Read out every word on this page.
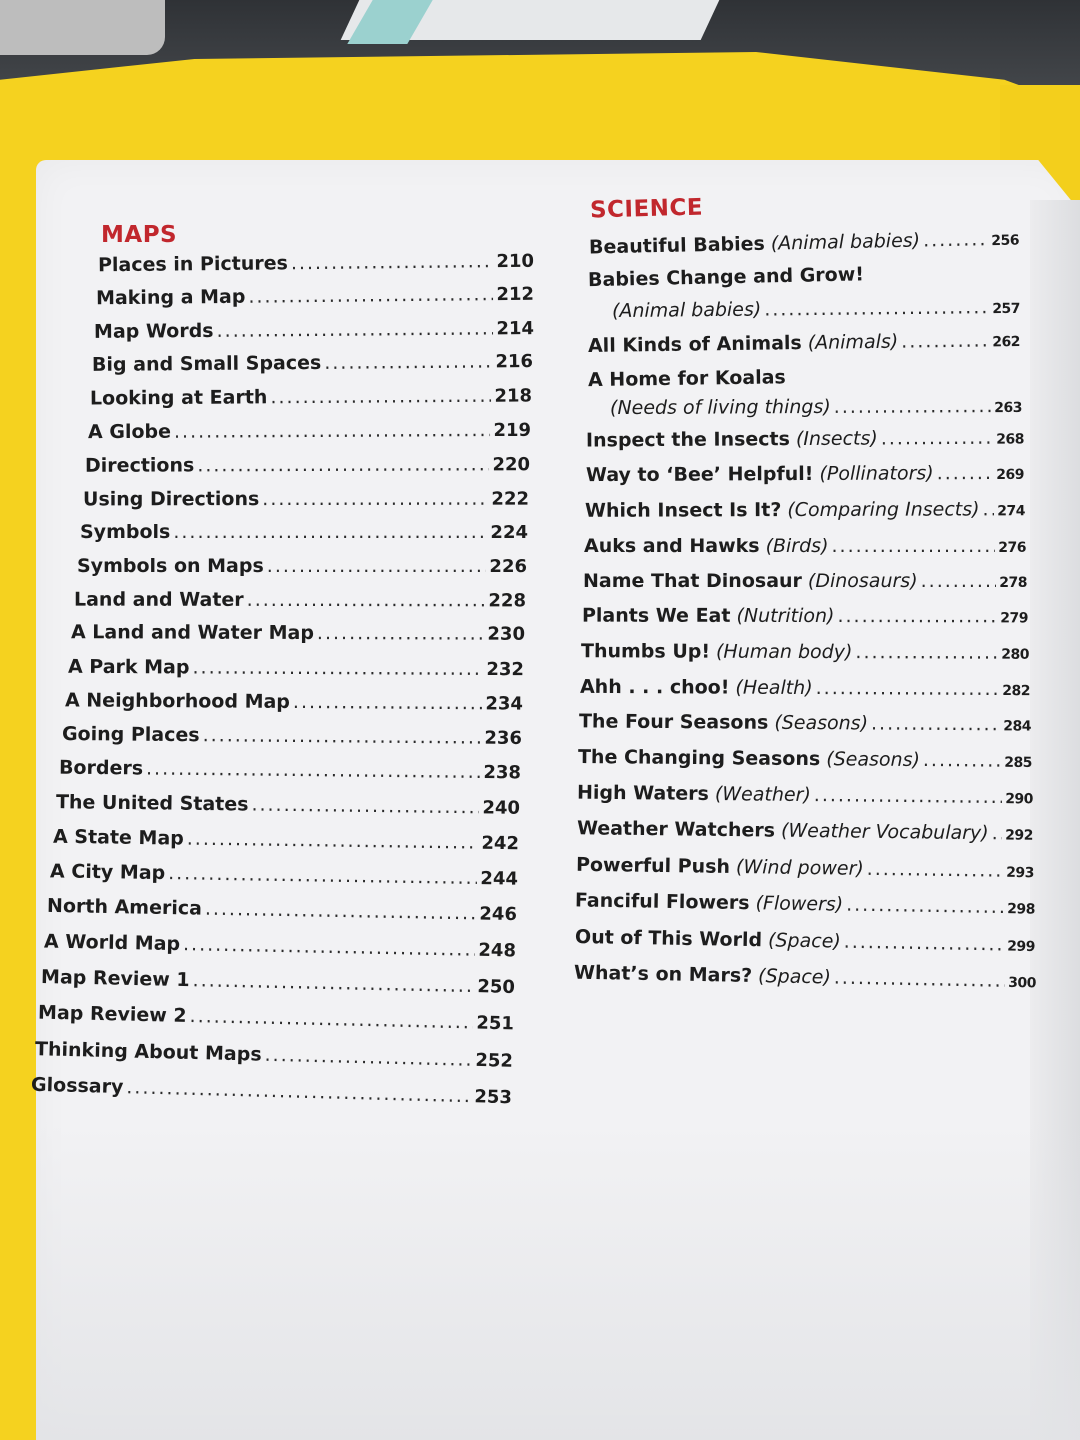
MAPS
Places in Pictures .....	210
Making a Map .....	212
Map Words .....	214
Big and Small Spaces .....	216
Looking at Earth .....	218
A Globe .....	219
Directions .....	220
Using Directions .....	222
Symbols .....	224
Symbols on Maps .....	226
Land and Water .....	228
A Land and Water Map .....	230
A Park Map .....	232
A Neighborhood Map .....	234
Going Places .....	236
Borders .....	238
The United States .....	240
A State Map .....	242
A City Map .....	244
North America .....	246
A World Map .....	248
Map Review 1 .....	250
Map Review 2 .....	251
Thinking About Maps .....	252
Glossary .....	253
SCIENCE
Beautiful Babies (Animal babies) .....	256
Babies Change and Grow!
(Animal babies) .....	257
All Kinds of Animals (Animals) .....	262
A Home for Koalas
(Needs of living things) .....	263
Inspect the Insects (Insects) .....	268
Way to ‘Bee’ Helpful! (Pollinators) .....	269
Which Insect Is It? (Comparing Insects) ..... 274
Auks and Hawks (Birds) .....	276
Name That Dinosaur (Dinosaurs) .....	278
Plants We Eat (Nutrition) .....	279
Thumbs Up! (Human body) .....	280
Ahh . . . choo! (Health) .....	282
The Four Seasons (Seasons) .....	284
The Changing Seasons (Seasons) .....	285
High Waters (Weather) .....	290
Weather Watchers (Weather Vocabulary) ..... 292
Powerful Push (Wind power) .....	293
Fanciful Flowers (Flowers) .....	298
Out of This World (Space) .....	299
What’s on Mars? (Space) .....	300
